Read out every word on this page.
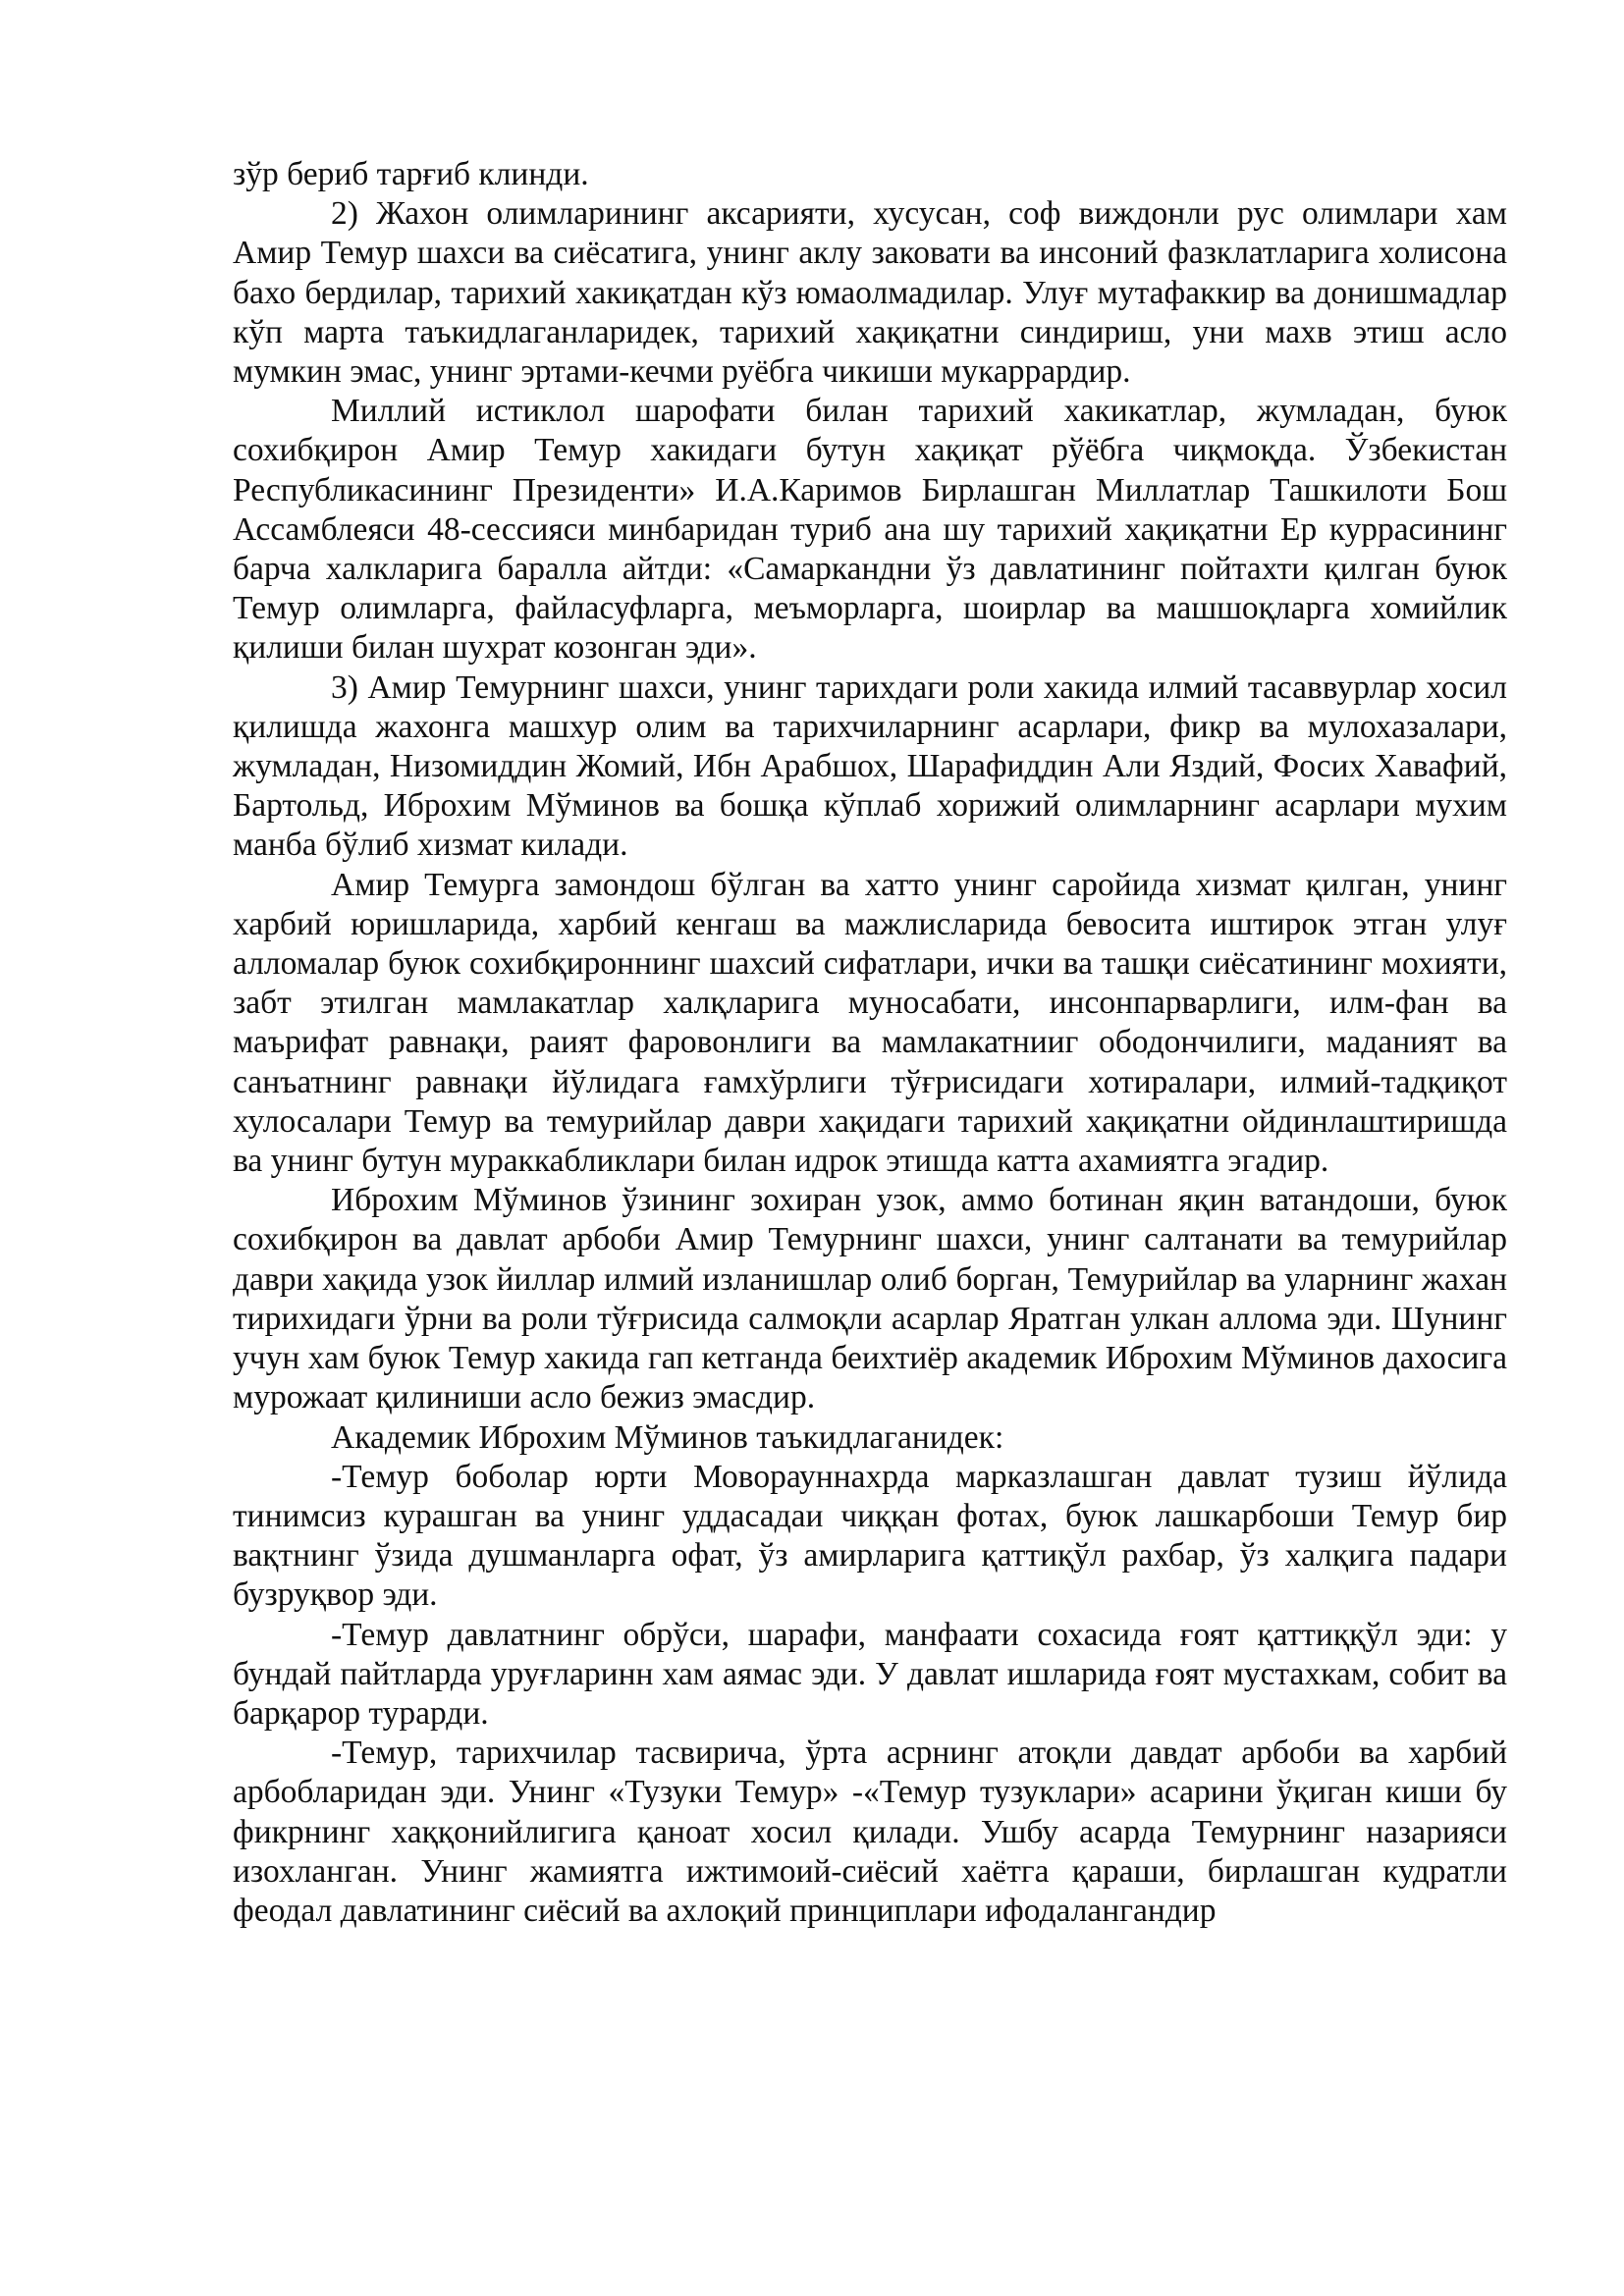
зўр бериб тарғиб клинди.

2) Жахон олимларининг аксарияти, хусусан, соф виждонли рус олимлари хам Амир Темур шахси ва сиёсатига, унинг аклу заковати ва инсоний фазклатларига холисона бахо бердилар, тарихий хакиқатдан кўз юмаолмадилар. Улуғ мутафаккир ва донишмадлар кўп марта таъкидлаганларидек, тарихий хақиқатни синдириш, уни махв этиш асло мумкин эмас, унинг эртами-кечми руёбга чикиши мукаррардир.

Миллий истиклол шарофати билан тарихий хакикатлар, жумладан, буюк сохибқирон Амир Темур хакидаги бутун хақиқат рўёбга чиқмоқда. Ўзбекистан Республикасининг Президенти» И.А.Каримов Бирлашган Миллатлар Ташкилоти Бош Ассамблеяси 48-сессияси минбаридан туриб ана шу тарихий хақиқатни Ер куррасининг барча халкларига баралла айтди: «Самаркандни ўз давлатининг пойтахти қилган буюк Темур олимларга, файласуфларга, меъморларга, шоирлар ва машшоқларга хомийлик қилиши билан шухрат козонган эди».

3) Амир Темурнинг шахси, унинг тарихдаги роли хакида илмий тасаввурлар хосил қилишда жахонга машхур олим ва тарихчиларнинг асарлари, фикр ва мулохазалари, жумладан, Низомиддин Жомий, Ибн Арабшох, Шарафиддин Али Яздий, Фосих Хавафий, Бартольд, Иброхим Мўминов ва бошқа кўплаб хорижий олимларнинг асарлари мухим манба бўлиб хизмат килади.

Амир Темурга замондош бўлган ва хатто унинг саройида хизмат қилган, унинг харбий юришларида, харбий кенгаш ва мажлисларида бевосита иштирок этган улуғ алломалар буюк сохибқироннинг шахсий сифатлари, ички ва ташқи сиёсатининг мохияти, забт этилган мамлакатлар халқларига муносабати, инсонпарварлиги, илм-фан ва маърифат равнақи, раият фаровонлиги ва мамлакатнииг ободончилиги, маданият ва санъатнинг равнақи йўлидага ғамхўрлиги тўғрисидаги хотиралари, илмий-тадқиқот хулосалари Темур ва темурийлар даври хақидаги тарихий хақиқатни ойдинлаштиришда ва унинг бутун мураккабликлари билан идрок этишда катта ахамиятга эгадир.

Иброхим Мўминов ўзининг зохиран узок, аммо ботинан яқин ватандоши, буюк сохибқирон ва давлат арбоби Амир Темурнинг шахси, унинг салтанати ва темурийлар даври хақида узок йиллар илмий изланишлар олиб борган, Темурийлар ва уларнинг жахан тирихидаги ўрни ва роли тўғрисида салмоқли асарлар Яратган улкан аллома эди. Шунинг учун хам буюк Темур хакида гап кетганда беихтиёр академик Иброхим Мўминов дахосига мурожаат қилиниши асло бежиз эмасдир.

Академик Иброхим Мўминов таъкидлаганидек:

-Темур боболар юрти Моворауннахрда марказлашган давлат тузиш йўлида тинимсиз курашган ва унинг уддасадаи чиққан фотах, буюк лашкарбоши Темур бир вақтнинг ўзида душманларга офат, ўз амирларига қаттиқўл рахбар, ўз халқига падари бузруқвор эди.

-Темур давлатнинг обрўси, шарафи, манфаати сохасида ғоят қаттиққўл эди: у бундай пайтларда уруғларинн хам аямас эди. У давлат ишларида ғоят мустахкам, собит ва барқарор турарди.

-Темур, тарихчилар тасвирича, ўрта асрнинг атоқли давдат арбоби ва харбий арбобларидан эди. Унинг «Тузуки Темур» -«Темур тузуклари» асарини ўқиган киши бу фикрнинг хаққонийлигига қаноат хосил қилади. Ушбу асарда Темурнинг назарияси изохланган. Унинг жамиятга ижтимоий-сиёсий хаётга қараши, бирлашган кудратли феодал давлатининг сиёсий ва ахлоқий принциплари ифодалангандир
